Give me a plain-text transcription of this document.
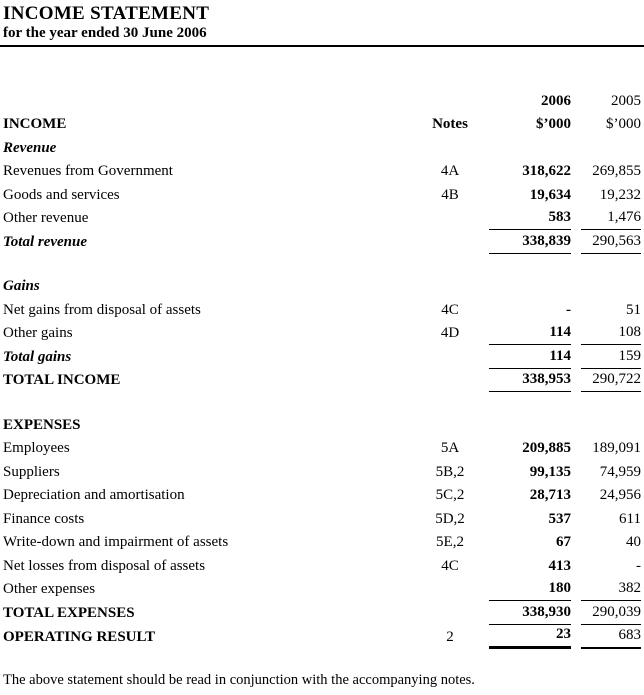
INCOME STATEMENT
for the year ended 30 June 2006

		2006	2005

INCOME	Notes	$’000	$’000

Revenue		

Revenues from Government	4A	318,622	269,855

Goods and services	4B	19,634	19,232

Other revenue		583	1,476

Total revenue		338,839	290,563

Gains		

Net gains from disposal of assets	4C	-	51

Other gains	4D	114	108

Total gains		114	159

TOTAL INCOME		338,953	290,722

EXPENSES		

Employees	5A	209,885	189,091

Suppliers	5B,2	99,135	74,959

Depreciation and amortisation	5C,2	28,713	24,956

Finance costs	5D,2	537	611

Write-down and impairment of assets	5E,2	67	40

Net losses from disposal of assets	4C	413	-

Other expenses		180	382

TOTAL EXPENSES		338,930	290,039

OPERATING RESULT	2	23	683

The above statement should be read in conjunction with the accompanying notes.
